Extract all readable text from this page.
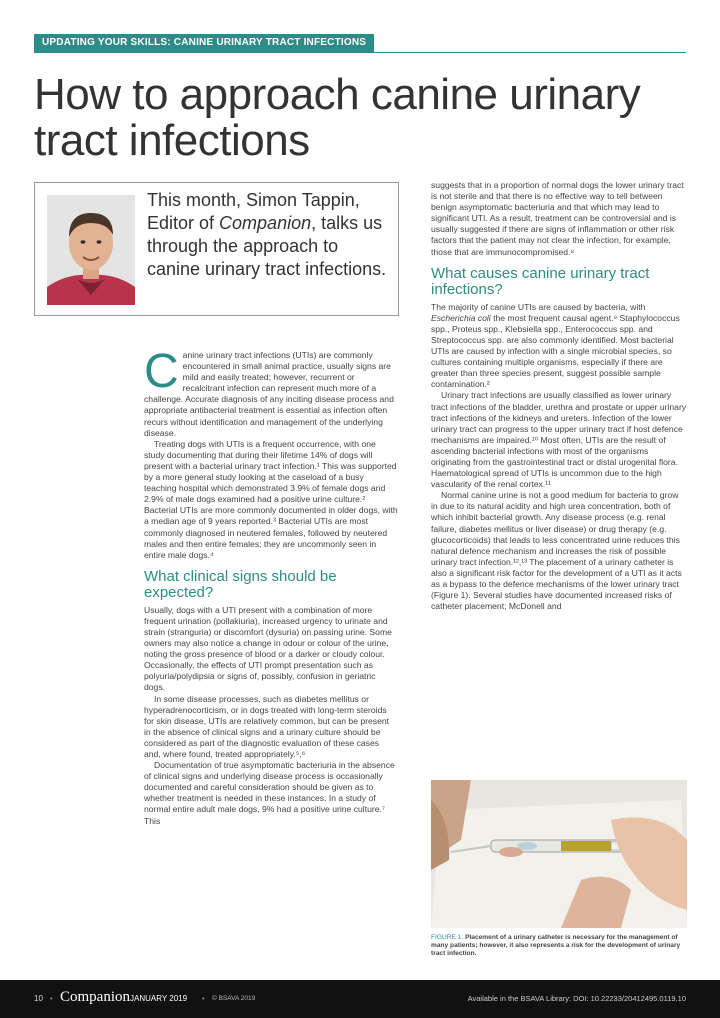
UPDATING YOUR SKILLS: CANINE URINARY TRACT INFECTIONS
How to approach canine urinary tract infections
This month, Simon Tappin, Editor of Companion, talks us through the approach to canine urinary tract infections.

Canine urinary tract infections (UTIs) are commonly encountered in small animal practice, usually signs are mild and easily treated; however, recurrent or recalcitrant infection can represent much more of a challenge. Accurate diagnosis of any inciting disease process and appropriate antibacterial treatment is essential as infection often recurs without identification and management of the underlying disease.

Treating dogs with UTIs is a frequent occurrence, with one study documenting that during their lifetime 14% of dogs will present with a bacterial urinary tract infection.¹ This was supported by a more general study looking at the caseload of a busy teaching hospital which demonstrated 3.9% of female dogs and 2.9% of male dogs examined had a positive urine culture.² Bacterial UTIs are more commonly documented in older dogs, with a median age of 9 years reported.³ Bacterial UTIs are most commonly diagnosed in neutered females, followed by neutered males and then entire females; they are uncommonly seen in entire male dogs.⁴

What clinical signs should be expected?

Usually, dogs with a UTI present with a combination of more frequent urination (pollakiuria), increased urgency to urinate and strain (stranguria) or discomfort (dysuria) on passing urine. Some owners may also notice a change in odour or colour of the urine, noting the gross presence of blood or a darker or cloudy colour. Occasionally, the effects of UTI prompt presentation such as polyuria/polydipsia or signs of, possibly, confusion in geriatric dogs.

In some disease processes, such as diabetes mellitus or hyperadrenocorticism, or in dogs treated with long-term steroids for skin disease, UTIs are relatively common, but can be present in the absence of clinical signs and a urinary culture should be considered as part of the diagnostic evaluation of these cases and, where found, treated appropriately.⁵,⁶

Documentation of true asymptomatic bacteriuria in the absence of clinical signs and underlying disease process is occasionally documented and careful consideration should be given as to whether treatment is needed in these instances. In a study of normal entire adult male dogs, 9% had a positive urine culture.⁷ This

suggests that in a proportion of normal dogs the lower urinary tract is not sterile and that there is no effective way to tell between benign asymptomatic bacteriuria and that which may lead to significant UTI. As a result, treatment can be controversial and is usually suggested if there are signs of inflammation or other risk factors that the patient may not clear the infection, for example, those that are immunocompromised.⁸

What causes canine urinary tract infections?

The majority of canine UTIs are caused by bacteria, with Escherichia coli the most frequent causal agent.⁹ Staphylococcus spp., Proteus spp., Klebsiella spp., Enterococcus spp. and Streptococcus spp. are also commonly identified. Most bacterial UTIs are caused by infection with a single microbial species, so cultures containing multiple organisms, especially if there are greater than three species present, suggest possible sample contamination.²

Urinary tract infections are usually classified as lower urinary tract infections of the bladder, urethra and prostate or upper urinary tract infections of the kidneys and ureters. Infection of the lower urinary tract can progress to the upper urinary tract if host defence mechanisms are impaired.¹⁰ Most often, UTIs are the result of ascending bacterial infections with most of the organisms originating from the gastrointestinal tract or distal urogenital flora. Haematological spread of UTIs is uncommon due to the high vascularity of the renal cortex.¹¹

Normal canine urine is not a good medium for bacteria to grow in due to its natural acidity and high urea concentration, both of which inhibit bacterial growth. Any disease process (e.g. renal failure, diabetes mellitus or liver disease) or drug therapy (e.g. glucocorticoids) that leads to less concentrated urine reduces this natural defence mechanism and increases the risk of possible urinary tract infection.¹²,¹³ The placement of a urinary catheter is also a significant risk factor for the development of a UTI as it acts as a bypass to the defence mechanisms of the lower urinary tract (Figure 1). Several studies have documented increased risks of catheter placement; McDonell and

FIGURE 1: Placement of a urinary catheter is necessary for the management of many patients; however, it also represents a risk for the development of urinary tract infection.
10 • Companion JANUARY 2019 • © BSAVA 2019	Available in the BSAVA Library: DOI: 10.22233/20412495.0119.10
